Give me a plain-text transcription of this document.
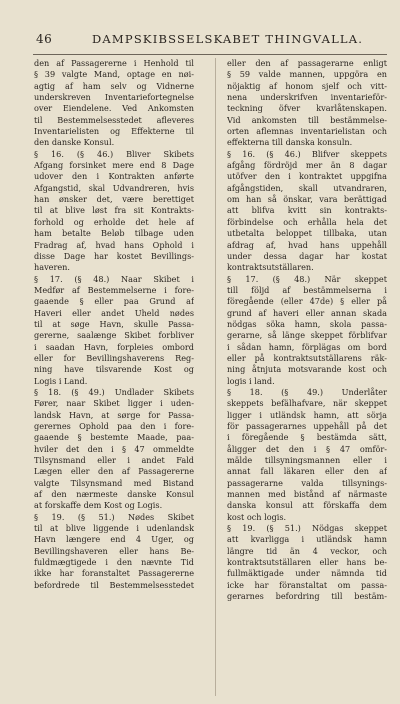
46	DAMPSKIBSSELSKABET THINGVALLA.
den af Passagererne i Henhold til
§ 39 valgte Mand, optage en nøi-
agtig af ham selv og Vidnerne
underskreven Inventariefortegnelse
over Eiendelene. Ved Ankomsten
til Bestemmelsesstedet afleveres
Inventarielisten og Effekterne til
den danske Konsul.
§ 16. (§ 46.) Bliver Skibets
Afgang forsinket mere end 8 Dage
udover den i Kontrakten anførte
Afgangstid, skal Udvandreren, hvis
han ønsker det, være berettiget
til at blive løst fra sit Kontrakts-
forhold og erholde det hele af
ham betalte Beløb tilbage uden
Fradrag af, hvad hans Ophold i
disse Dage har kostet Bevillings-
haveren.
§ 17. (§ 48.) Naar Skibet i
Medfør af Bestemmelserne i fore-
gaaende § eller paa Grund af
Haveri eller andet Uheld nødes
til at søge Havn, skulle Passa-
gererne, saalænge Skibet forbliver
i saadan Havn, forpleies ombord
eller for Bevillingshaverens Reg-
ning have tilsvarende Kost og
Logis i Land.
§ 18. (§ 49.) Undlader Skibets
Fører, naar Skibet ligger i uden-
landsk Havn, at sørge for Passa-
gerernes Ophold paa den i fore-
gaaende § bestemte Maade, paa-
hviler det den i § 47 ommeldte
Tilsynsmand eller i andet Fald
Lægen eller den af Passagererne
valgte Tilsynsmand med Bistand
af den nærmeste danske Konsul
at forskaffe dem Kost og Logis.
§ 19. (§ 51.) Nødes Skibet
til at blive liggende i udenlandsk
Havn længere end 4 Uger, og
Bevillingshaveren eller hans Be-
fuldmægtigede i den nævnte Tid
ikke har foranstaltet Passagererne
befordrede til Bestemmelsesstedet
eller den af passagerarne enligt
§ 59 valde mannen, uppgöra en
nöjaktig af honom sjelf och vitt-
nena underskrifven inventarieför-
teckning öfver kvarlåtenskapen.
Vid ankomsten till bestämmelse-
orten aflemnas inventarielistan och
effekterna till danska konsuln.
§ 16. (§ 46.) Blifver skeppets
afgång fördröjd mer än 8 dagar
utöfver den i kontraktet uppgifna
afgångstiden, skall utvandraren,
om han så önskar, vara berättigad
att blifva kvitt sin kontrakts-
förbindelse och erhålla hela det
utbetalta beloppet tillbaka, utan
afdrag af, hvad hans uppehåll
under dessa dagar har kostat
kontraktsutställaren.
§ 17. (§ 48.) När skeppet
till följd af bestämmelserna i
föregående (eller 47de) § eller på
grund af haveri eller annan skada
nödgas söka hamn, skola passa-
gerarne, så länge skeppet förblifvar
i sådan hamn, förplägas om bord
eller på kontraktsutställarens räk-
ning åtnjuta motsvarande kost och
logis i land.
§ 18. (§ 49.) Underlåter
skeppets befälhafvare, när skeppet
ligger i utländsk hamn, att sörja
för passagerarnes uppehåll på det
i föregående § bestämda sätt,
åligger det den i § 47 omför-
mälde tillsyningsmannen eller i
annat fall läkaren eller den af
passagerarne valda tillsynings-
mannen med bistånd af närmaste
danska konsul att förskaffa dem
kost och logis.
§ 19. (§ 51.) Nödgas skeppet
att kvarligga i utländsk hamn
längre tid än 4 veckor, och
kontraktsutställaren eller hans be-
fullmäktigade under nämnda tid
icke har föranstaltat om passa-
gerarnes befordring till bestäm-
